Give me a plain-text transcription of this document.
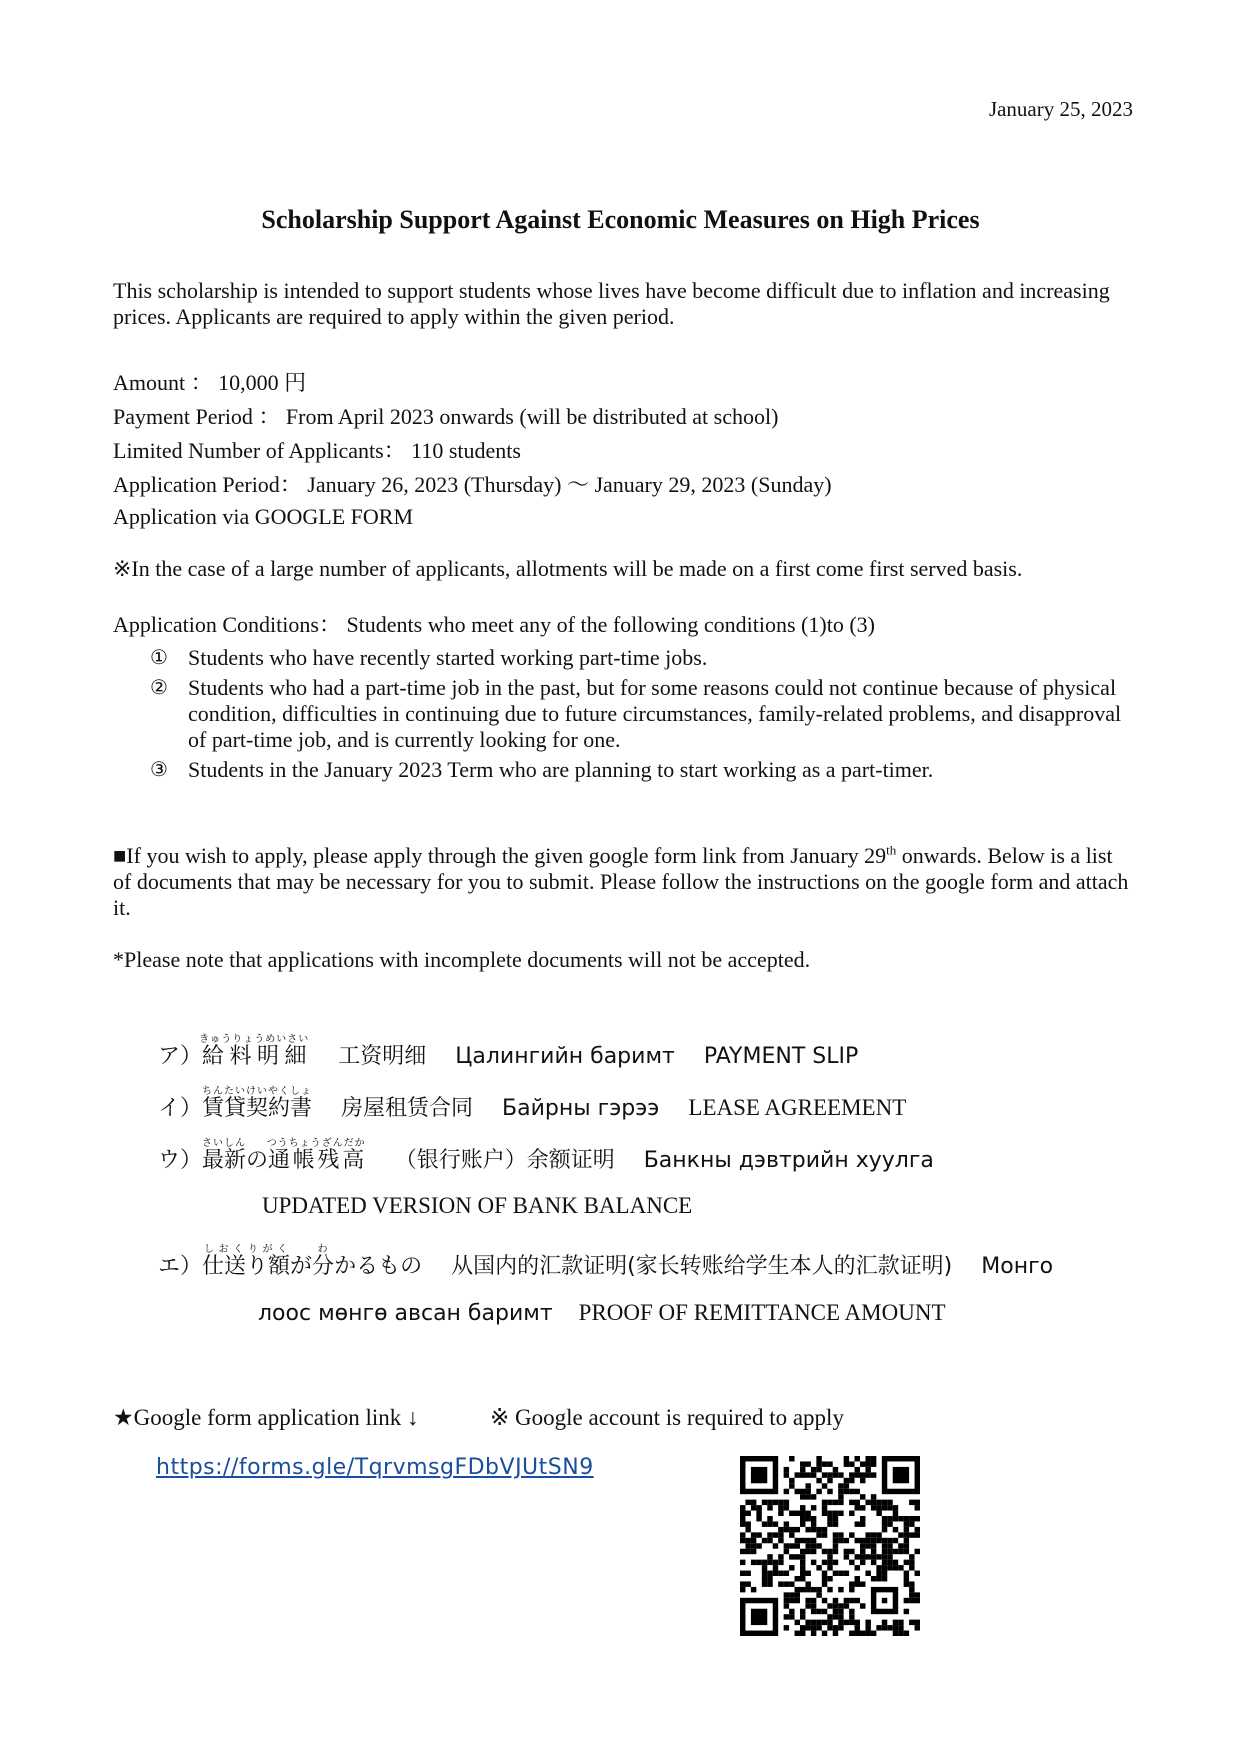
January 25, 2023
Scholarship Support Against Economic Measures on High Prices
This scholarship is intended to support students whose lives have become difficult due to inflation and increasing prices. Applicants are required to apply within the given period.
Amount ： 10,000 円
Payment Period ： From April 2023 onwards (will be distributed at school)
Limited Number of Applicants： 110 students
Application Period： January 26, 2023 (Thursday) ～ January 29, 2023 (Sunday)
Application via GOOGLE FORM
※In the case of a large number of applicants, allotments will be made on a first come first served basis.
Application Conditions： Students who meet any of the following conditions (1)to (3)
① Students who have recently started working part-time jobs.
② Students who had a part-time job in the past, but for some reasons could not continue because of physical condition, difficulties in continuing due to future circumstances, family-related problems, and disapproval of part-time job, and is currently looking for one.
③ Students in the January 2023 Term who are planning to start working as a part-timer.
■If you wish to apply, please apply through the given google form link from January 29th onwards. Below is a list of documents that may be necessary for you to submit. Please follow the instructions on the google form and attach it.
*Please note that applications with incomplete documents will not be accepted.
ア）給料明細きゅうりょうめいさい 工资明细 Цалингийн баримт PAYMENT SLIP
イ）賃貸契約書ちんたいけいやくしょ 房屋租赁合同 Байрны гэрээ LEASE AGREEMENT
ウ）最新さいしんの通帳残高つうちょうざんだか （银行账户）余额证明 Банкны дэвтрийн хуулга
UPDATED VERSION OF BANK BALANCE
エ）仕送り額しおくりがくが分わかるもの 从国内的汇款证明(家长转账给学生本人的汇款证明) Монго
лоос мөнгө авсан баримт PROOF OF REMITTANCE AMOUNT
★Google form application link ↓	※ Google account is required to apply
https://forms.gle/TqrvmsgFDbVJUtSN9
